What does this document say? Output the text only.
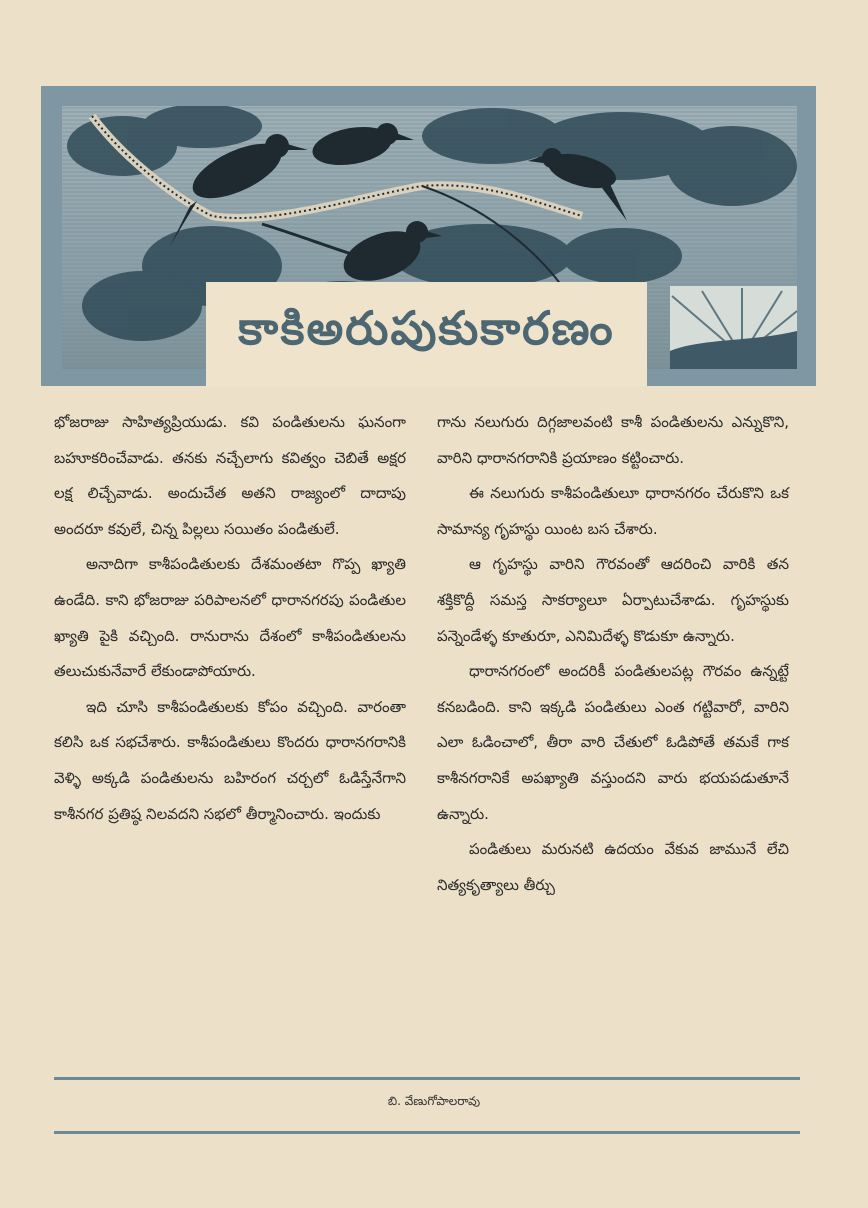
కాకిఅరుపుకుకారణం

భోజరాజు సాహిత్యప్రియుడు. కవి పండితులను ఘనంగా బహూకరించేవాడు. తనకు నచ్చేలాగు కవిత్వం చెబితే అక్షర లక్ష లిచ్చేవాడు. అందుచేత అతని రాజ్యంలో దాదాపు అందరూ కవులే, చిన్న పిల్లలు సయితం పండితులే.

అనాదిగా కాశీపండితులకు దేశమంతటా గొప్ప ఖ్యాతి ఉండేది. కాని భోజరాజు పరిపాలనలో ధారానగరపు పండితుల ఖ్యాతి పైకి వచ్చింది. రానురాను దేశంలో కాశీపండితులను తలుచుకునేవారే లేకుండాపోయారు.

ఇది చూసి కాశీపండితులకు కోపం వచ్చింది. వారంతా కలిసి ఒక సభచేశారు. కాశీపండితులు కొందరు ధారానగరానికి వెళ్ళి అక్కడి పండితులను బహిరంగ చర్చలో ఓడిస్తేనేగాని కాశీనగర ప్రతిష్ఠ నిలవదని సభలో తీర్మానించారు. ఇందుకు

గాను నలుగురు దిగ్గజాలవంటి కాశీ పండితులను ఎన్నుకొని, వారిని ధారానగరానికి ప్రయాణం కట్టించారు.

ఈ నలుగురు కాశీపండితులూ ధారానగరం చేరుకొని ఒక సామాన్య గృహస్థు యింట బస చేశారు.

ఆ గృహస్థు వారిని గౌరవంతో ఆదరించి వారికి తన శక్తికొద్దీ సమస్త సాకర్యాలూ ఏర్పాటుచేశాడు. గృహస్థుకు పన్నెండేళ్ళ కూతురూ, ఎనిమిదేళ్ళ కొడుకూ ఉన్నారు.

ధారానగరంలో అందరికీ పండితులపట్ల గౌరవం ఉన్నట్టే కనబడింది. కాని ఇక్కడి పండితులు ఎంత గట్టివారో, వారిని ఎలా ఓడించాలో, తీరా వారి చేతులో ఓడిపోతే తమకే గాక కాశీనగరానికే అపఖ్యాతి వస్తుందని వారు భయపడుతూనే ఉన్నారు.

పండితులు మరునటి ఉదయం వేకువ జామునే లేచి నిత్యకృత్యాలు తీర్చు

బి. వేణుగోపాలరావు
